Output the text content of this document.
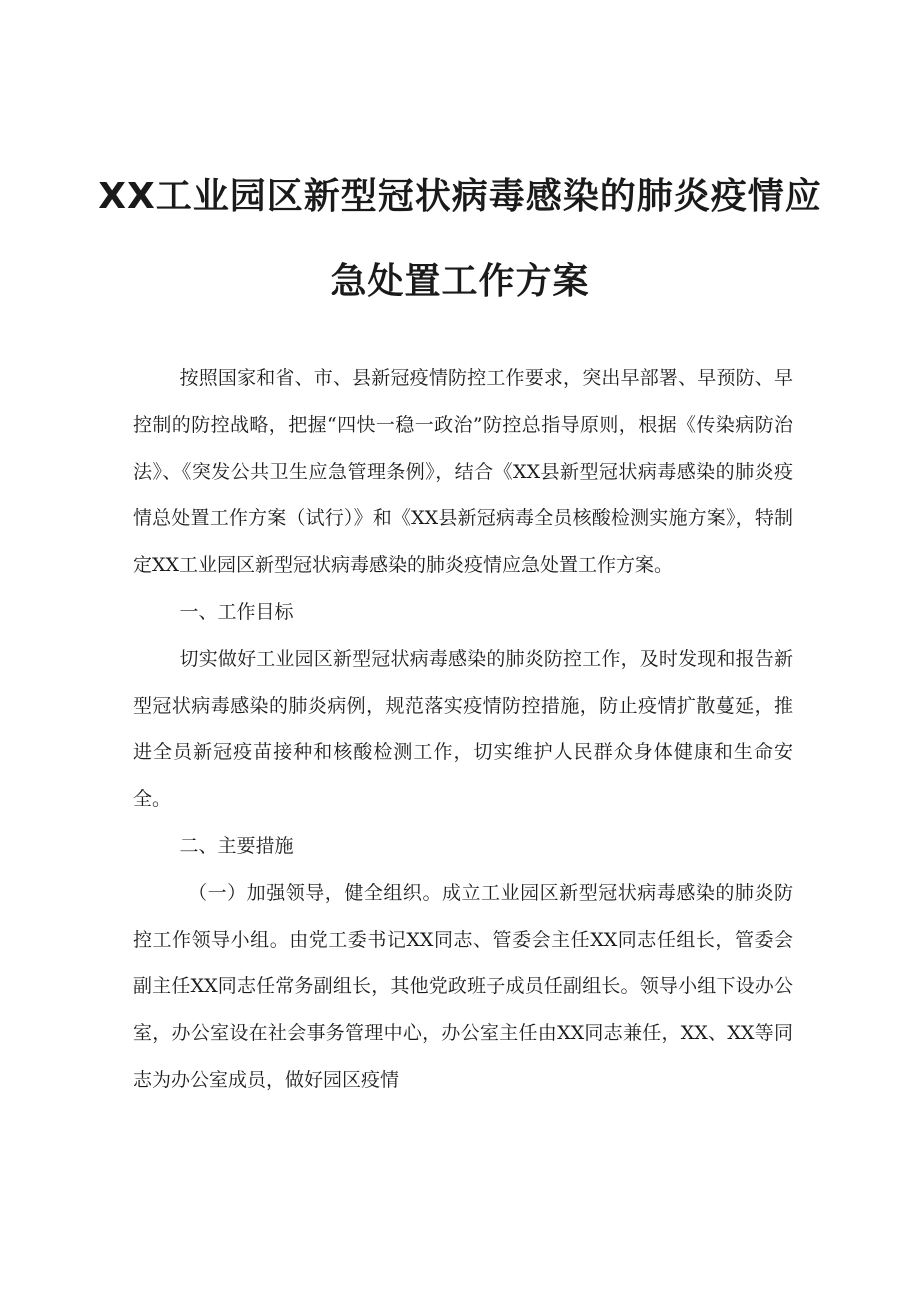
XX工业园区新型冠状病毒感染的肺炎疫情应
急处置工作方案

按照国家和省、市、县新冠疫情防控工作要求，突出早部署、早预防、早控制的防控战略，把握“四快一稳一政治”防控总指导原则，根据《传染病防治法》、《突发公共卫生应急管理条例》，结合《XX县新型冠状病毒感染的肺炎疫情总处置工作方案（试行）》和《XX县新冠病毒全员核酸检测实施方案》，特制定XX工业园区新型冠状病毒感染的肺炎疫情应急处置工作方案。

一、工作目标

切实做好工业园区新型冠状病毒感染的肺炎防控工作，及时发现和报告新型冠状病毒感染的肺炎病例，规范落实疫情防控措施，防止疫情扩散蔓延，推进全员新冠疫苗接种和核酸检测工作，切实维护人民群众身体健康和生命安全。

二、主要措施

（一）加强领导，健全组织。成立工业园区新型冠状病毒感染的肺炎防控工作领导小组。由党工委书记XX同志、管委会主任XX同志任组长，管委会副主任XX同志任常务副组长，其他党政班子成员任副组长。领导小组下设办公室，办公室设在社会事务管理中心，办公室主任由XX同志兼任，XX、XX等同志为办公室成员，做好园区疫情
